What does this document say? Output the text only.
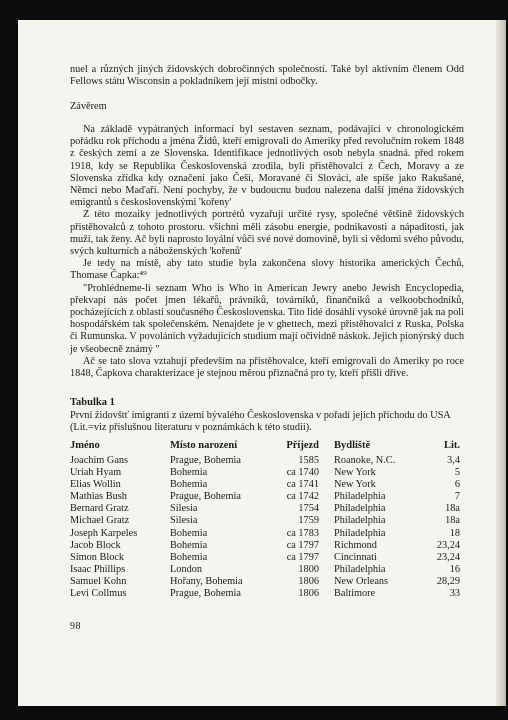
nuel a různých jiných židovských dobročinných společností. Také byl aktivním členem Odd Fellows státu Wisconsin a pokladníkem její místní odbočky.

Závěrem

Na základě vypátraných informací byl sestaven seznam, podávající v chronologickém pořádku rok příchodu a jména Židů, kteří emigrovali do Ameriky před revolučním rokem 1848 z českých zemí a ze Slovenska. Identifikace jednotlivých osob nebyla snadná. před rokem 1918, kdy se Republika Československá zrodila, byli přistěhovalci z Čech, Moravy a ze Slovenska zřídka kdy označeni jako Češi, Moravané či Slováci, ale spíše jako Rakušané, Němci nebo Maďaři. Není pochyby, že v budoucnu budou nalezena další jména židovských emigrantů s československými 'kořeny'

Z této mozaiky jednotlivých portrétů vyzařují určité rysy, společné většině židovských přistěhovalců z tohoto prostoru. všichni měli zásobu energie, podnikavosti a nápaditosti, jak muži, tak ženy. Ač byli naprosto loyální vůči své nové domovině, byli si vědomi svého původu, svých kulturních a náboženských 'kořenů'

Je tedy na místě, aby tato studie byla zakončena slovy historika amerických Čechů, Thomase Čapka:⁴⁹

"Prohlédneme-li seznam Who is Who in American Jewry anebo Jewish Encyclopedia, překvapí nás počet jmen lékařů, právníků, továrníků, finančníků a velkoobchodníků, pocházejících z oblasti současného Československa. Tito lidé dosáhli vysoké úrovně jak na poli hospodářském tak společenském. Nenajdete je v ghettech, mezi přistěhovalci z Ruska, Polska či Rumunska. V povoláních vyžadujících studium mají očividně náskok. Jejich pionýrský duch je všeobecně známý "

Ač se tato slova vztahují především na přistěhovalce, kteří emigrovali do Ameriky po roce 1848, Čapkova charakterizace je stejnou měrou přiznačná pro ty, kteří přišli dříve.

Tabulka 1
První židovštť imigranti z území bývalého Československa v pořadí jejich příchodu do USA (Lit.=viz příslušnou literaturu v poznámkách k této studii).
Jméno	Místo narození	Příjezd Bydliště	Lit.
Joachim Gans	Prague, Bohemia	1585 Roanoke, N.C.	3,4
Uriah Hyam	Bohemia	ca 1740 New York	5
Elias Wollin	Bohemia	ca 1741 New York	6
Mathias Bush	Prague, Bohemia	ca 1742 Philadelphia	7
Bernard Gratz	Silesia	1754 Philadelphia	18a
Michael Gratz	Silesia	1759 Philadelphia	18a
Joseph Karpeles	Bohemia	ca 1783 Philadelphia	18
Jacob Block	Bohemia	ca 1797 Richmond	23,24
Simon Block	Bohemia	ca 1797 Cincinnati	23,24
Isaac Phillips	London	1800 Philadelphia	16
Samuel Kohn	Hořany, Bohemia	1806 New Orleans	28,29
Levi Collmus	Prague, Bohemia	1806 Baltimore	33
98
